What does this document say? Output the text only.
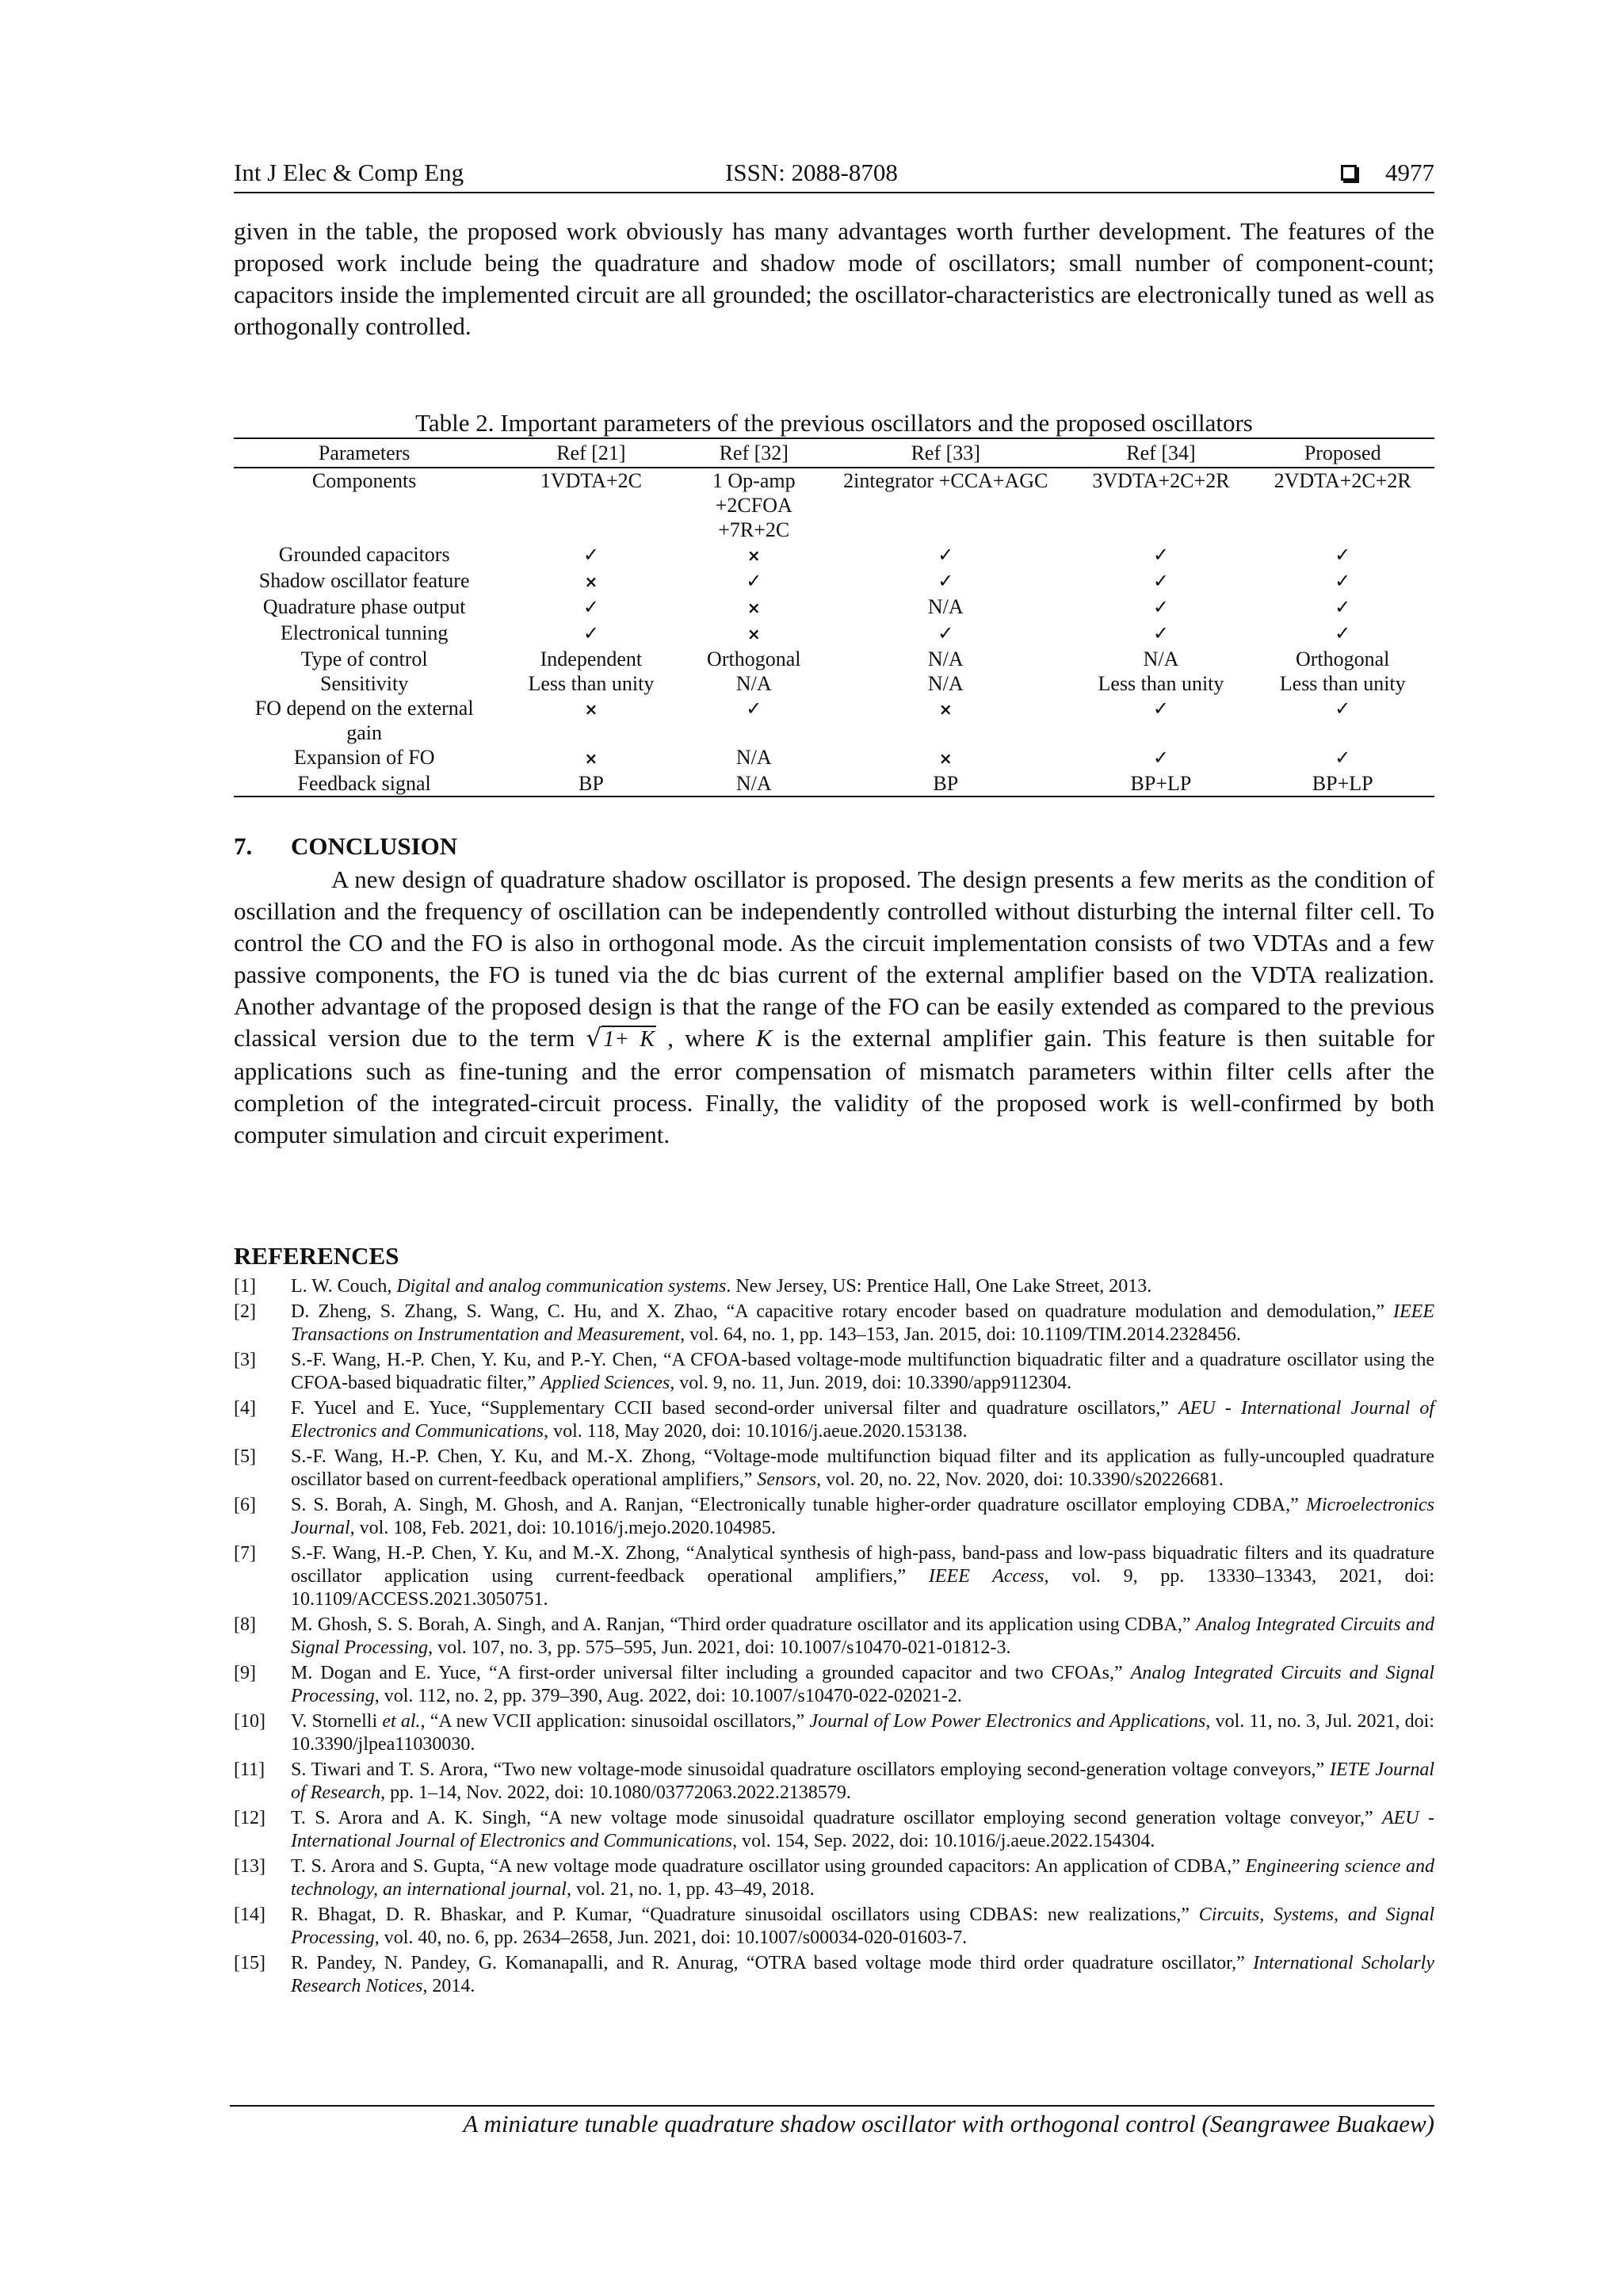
Int J Elec & Comp Eng	ISSN: 2088-8708	4977
given in the table, the proposed work obviously has many advantages worth further development. The features of the proposed work include being the quadrature and shadow mode of oscillators; small number of component-count; capacitors inside the implemented circuit are all grounded; the oscillator-characteristics are electronically tuned as well as orthogonally controlled.
Table 2. Important parameters of the previous oscillators and the proposed oscillators
Parameters	Ref [21]	Ref [32]	Ref [33]	Ref [34]	Proposed
Components	1VDTA+2C	1 Op-amp
+2CFOA
+7R+2C	2integrator +CCA+AGC	3VDTA+2C+2R	2VDTA+2C+2R
Grounded capacitors	✓	×	✓	✓	✓
Shadow oscillator feature	×	✓	✓	✓	✓
Quadrature phase output	✓	×	N/A	✓	✓
Electronical tunning	✓	×	✓	✓	✓
Type of control	Independent	Orthogonal	N/A	N/A	Orthogonal
Sensitivity	Less than unity	N/A	N/A	Less than unity	Less than unity
FO depend on the external gain	×	✓	×	✓	✓
Expansion of FO	×	N/A	×	✓	✓
Feedback signal	BP	N/A	BP	BP+LP	BP+LP
7. CONCLUSION
A new design of quadrature shadow oscillator is proposed. The design presents a few merits as the condition of oscillation and the frequency of oscillation can be independently controlled without disturbing the internal filter cell. To control the CO and the FO is also in orthogonal mode. As the circuit implementation consists of two VDTAs and a few passive components, the FO is tuned via the dc bias current of the external amplifier based on the VDTA realization. Another advantage of the proposed design is that the range of the FO can be easily extended as compared to the previous classical version due to the term √1+ K , where K is the external amplifier gain. This feature is then suitable for applications such as fine-tuning and the error compensation of mismatch parameters within filter cells after the completion of the integrated-circuit process. Finally, the validity of the proposed work is well-confirmed by both computer simulation and circuit experiment.
REFERENCES
[1]	L. W. Couch, Digital and analog communication systems. New Jersey, US: Prentice Hall, One Lake Street, 2013.
[2]	D. Zheng, S. Zhang, S. Wang, C. Hu, and X. Zhao, “A capacitive rotary encoder based on quadrature modulation and demodulation,” IEEE Transactions on Instrumentation and Measurement, vol. 64, no. 1, pp. 143–153, Jan. 2015, doi: 10.1109/TIM.2014.2328456.
[3]	S.-F. Wang, H.-P. Chen, Y. Ku, and P.-Y. Chen, “A CFOA-based voltage-mode multifunction biquadratic filter and a quadrature oscillator using the CFOA-based biquadratic filter,” Applied Sciences, vol. 9, no. 11, Jun. 2019, doi: 10.3390/app9112304.
[4]	F. Yucel and E. Yuce, “Supplementary CCII based second-order universal filter and quadrature oscillators,” AEU - International Journal of Electronics and Communications, vol. 118, May 2020, doi: 10.1016/j.aeue.2020.153138.
[5]	S.-F. Wang, H.-P. Chen, Y. Ku, and M.-X. Zhong, “Voltage-mode multifunction biquad filter and its application as fully-uncoupled quadrature oscillator based on current-feedback operational amplifiers,” Sensors, vol. 20, no. 22, Nov. 2020, doi: 10.3390/s20226681.
[6]	S. S. Borah, A. Singh, M. Ghosh, and A. Ranjan, “Electronically tunable higher-order quadrature oscillator employing CDBA,” Microelectronics Journal, vol. 108, Feb. 2021, doi: 10.1016/j.mejo.2020.104985.
[7]	S.-F. Wang, H.-P. Chen, Y. Ku, and M.-X. Zhong, “Analytical synthesis of high-pass, band-pass and low-pass biquadratic filters and its quadrature oscillator application using current-feedback operational amplifiers,” IEEE Access, vol. 9, pp. 13330–13343, 2021, doi: 10.1109/ACCESS.2021.3050751.
[8]	M. Ghosh, S. S. Borah, A. Singh, and A. Ranjan, “Third order quadrature oscillator and its application using CDBA,” Analog Integrated Circuits and Signal Processing, vol. 107, no. 3, pp. 575–595, Jun. 2021, doi: 10.1007/s10470-021-01812-3.
[9]	M. Dogan and E. Yuce, “A first-order universal filter including a grounded capacitor and two CFOAs,” Analog Integrated Circuits and Signal Processing, vol. 112, no. 2, pp. 379–390, Aug. 2022, doi: 10.1007/s10470-022-02021-2.
[10]	V. Stornelli et al., “A new VCII application: sinusoidal oscillators,” Journal of Low Power Electronics and Applications, vol. 11, no. 3, Jul. 2021, doi: 10.3390/jlpea11030030.
[11]	S. Tiwari and T. S. Arora, “Two new voltage-mode sinusoidal quadrature oscillators employing second-generation voltage conveyors,” IETE Journal of Research, pp. 1–14, Nov. 2022, doi: 10.1080/03772063.2022.2138579.
[12]	T. S. Arora and A. K. Singh, “A new voltage mode sinusoidal quadrature oscillator employing second generation voltage conveyor,” AEU - International Journal of Electronics and Communications, vol. 154, Sep. 2022, doi: 10.1016/j.aeue.2022.154304.
[13]	T. S. Arora and S. Gupta, “A new voltage mode quadrature oscillator using grounded capacitors: An application of CDBA,” Engineering science and technology, an international journal, vol. 21, no. 1, pp. 43–49, 2018.
[14]	R. Bhagat, D. R. Bhaskar, and P. Kumar, “Quadrature sinusoidal oscillators using CDBAS: new realizations,” Circuits, Systems, and Signal Processing, vol. 40, no. 6, pp. 2634–2658, Jun. 2021, doi: 10.1007/s00034-020-01603-7.
[15]	R. Pandey, N. Pandey, G. Komanapalli, and R. Anurag, “OTRA based voltage mode third order quadrature oscillator,” International Scholarly Research Notices, 2014.
A miniature tunable quadrature shadow oscillator with orthogonal control (Seangrawee Buakaew)
